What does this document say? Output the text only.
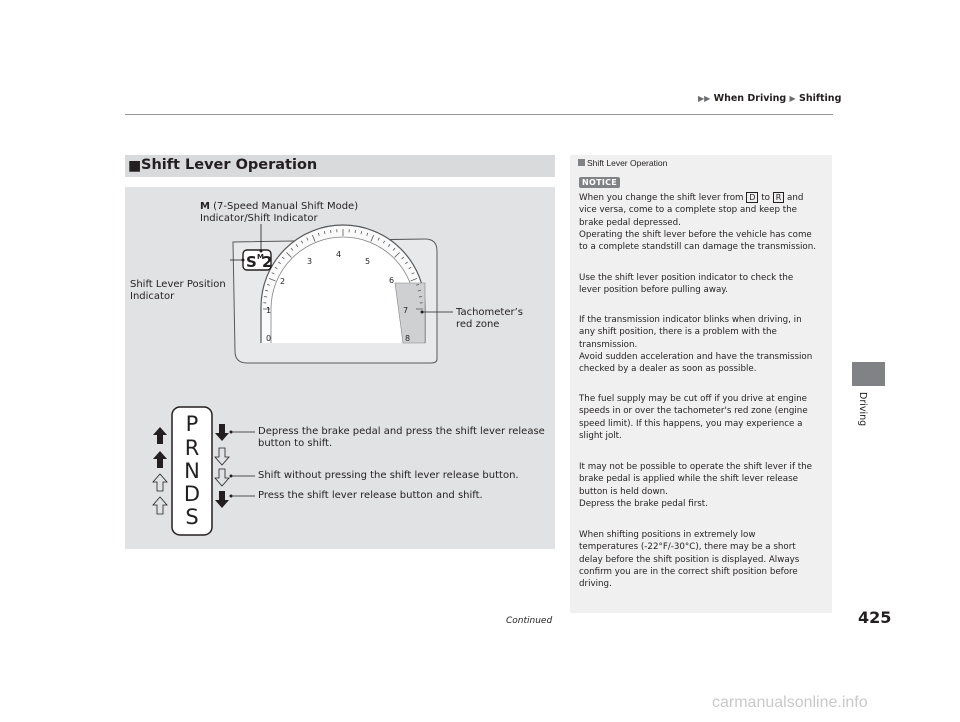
▶▶ When Driving ▶ Shifting
■ Shift Lever Operation
0
1
2
3
4
5
6
7
8
S M
2
P
R
N
D
S
M (7-Speed Manual Shift Mode)
Indicator/Shift Indicator
Shift Lever Position
Indicator
Tachometer’s
red zone
Depress the brake pedal and press the shift lever release
button to shift.
Shift without pressing the shift lever release button.
Press the shift lever release button and shift.
Shift Lever Operation
NOTICE

When you change the shift lever from D to R and
vice versa, come to a complete stop and keep the
brake pedal depressed.
Operating the shift lever before the vehicle has come
to a complete standstill can damage the transmission.

Use the shift lever position indicator to check the
lever position before pulling away.

If the transmission indicator blinks when driving, in
any shift position, there is a problem with the
transmission.
Avoid sudden acceleration and have the transmission
checked by a dealer as soon as possible.

The fuel supply may be cut off if you drive at engine
speeds in or over the tachometer's red zone (engine
speed limit). If this happens, you may experience a
slight jolt.

It may not be possible to operate the shift lever if the
brake pedal is applied while the shift lever release
button is held down.
Depress the brake pedal first.

When shifting positions in extremely low
temperatures (-22°F/-30°C), there may be a short
delay before the shift position is displayed. Always
confirm you are in the correct shift position before
driving.

Driving
Continued	425
carmanualsonline.info
